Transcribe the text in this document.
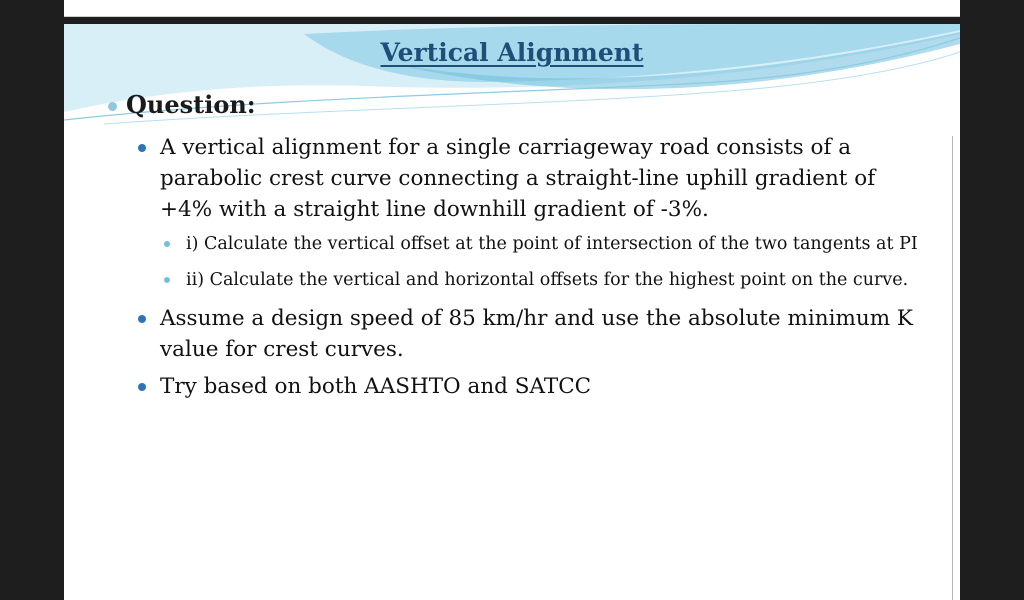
Vertical Alignment
Question:
A vertical alignment for a single carriageway road consists of a parabolic crest curve connecting a straight-line uphill gradient of +4% with a straight line downhill gradient of -3%.
i) Calculate the vertical offset at the point of intersection of the two tangents at PI
ii) Calculate the vertical and horizontal offsets for the highest point on the curve.
Assume a design speed of 85 km/hr and use the absolute minimum K value for crest curves.
Try based on both AASHTO and SATCC
